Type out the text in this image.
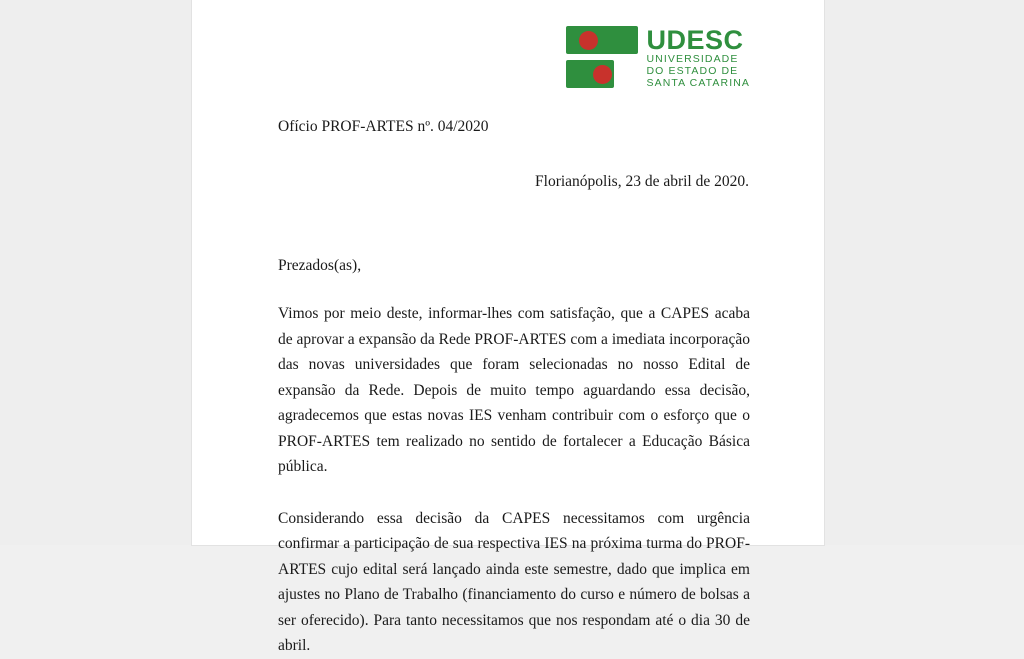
UDESC
UNIVERSIDADE
DO ESTADO DE
SANTA CATARINA

Ofício PROF-ARTES nº. 04/2020

Florianópolis, 23 de abril de 2020.

Prezados(as),

Vimos por meio deste, informar-lhes com satisfação, que a CAPES acaba de aprovar a expansão da Rede PROF-ARTES com a imediata incorporação das novas universidades que foram selecionadas no nosso Edital de expansão da Rede. Depois de muito tempo aguardando essa decisão, agradecemos que estas novas IES venham contribuir com o esforço que o PROF-ARTES tem realizado no sentido de fortalecer a Educação Básica pública.

Considerando essa decisão da CAPES necessitamos com urgência confirmar a participação de sua respectiva IES na próxima turma do PROF-ARTES cujo edital será lançado ainda este semestre, dado que implica em ajustes no Plano de Trabalho (financiamento do curso e número de bolsas a ser oferecido). Para tanto necessitamos que nos respondam até o dia 30 de abril.
